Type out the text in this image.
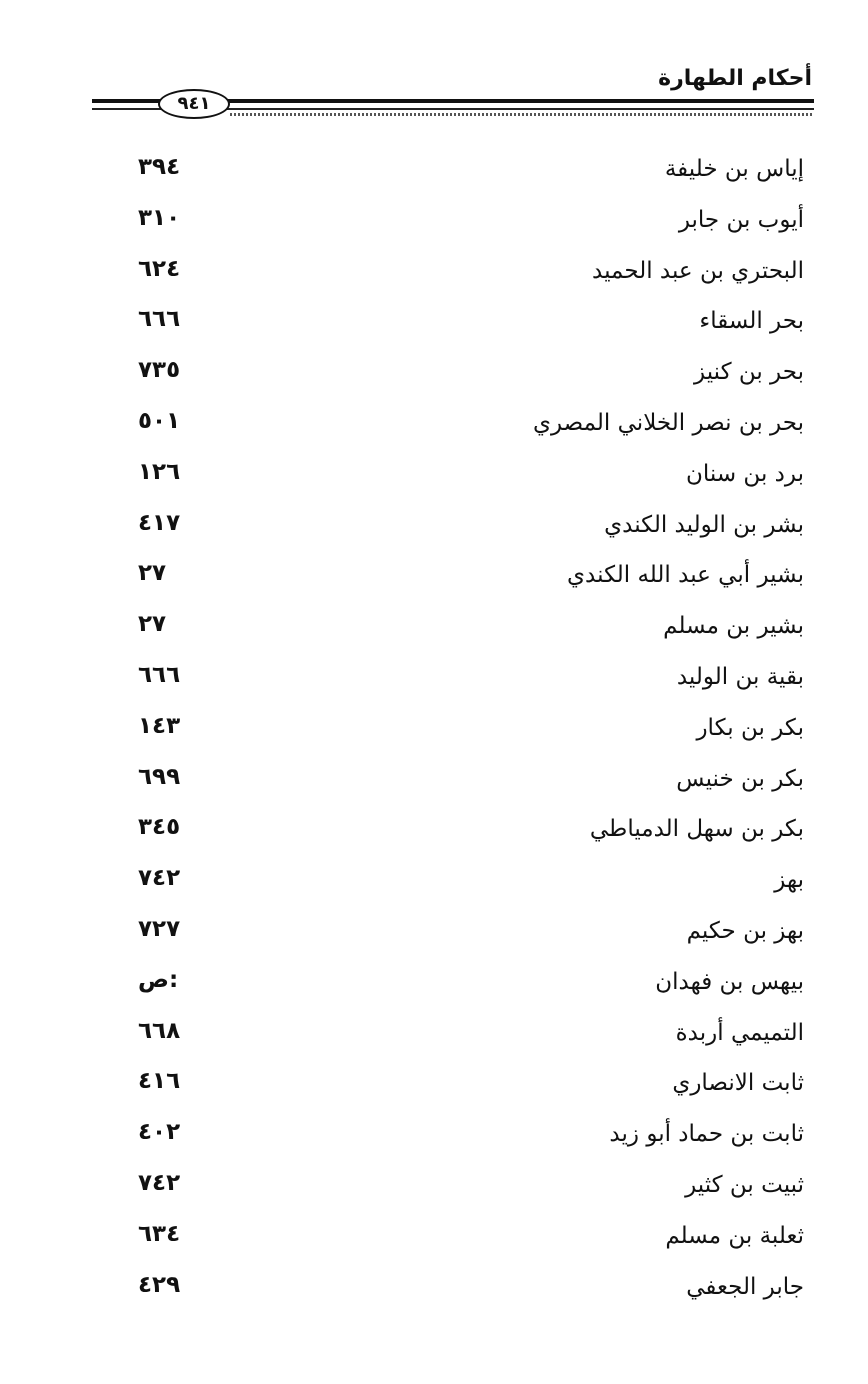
أحكام الطهارة
٩٤١
إياس بن خليفة
٣٩٤
أيوب بن جابر
٣١٠
البحتري بن عبد الحميد
٦٢٤
بحر السقاء
٦٦٦
بحر بن كنيز
٧٣٥
بحر بن نصر الخلاني المصري
٥٠١
برد بن سنان
١٢٦
بشر بن الوليد الكندي
٤١٧
بشير أبي عبد الله الكندي
٢٧
بشير بن مسلم
٢٧
بقية بن الوليد
٦٦٦
بكر بن بكار
١٤٣
بكر بن خنيس
٦٩٩
بكر بن سهل الدمياطي
٣٤٥
بهز
٧٤٢
بهز بن حكيم
٧٢٧
بيهس بن فهدان
ص:
التميمي أربدة
٦٦٨
ثابت الانصاري
٤١٦
ثابت بن حماد أبو زيد
٤٠٢
ثبيت بن كثير
٧٤٢
ثعلبة بن مسلم
٦٣٤
جابر الجعفي
٤٢٩
